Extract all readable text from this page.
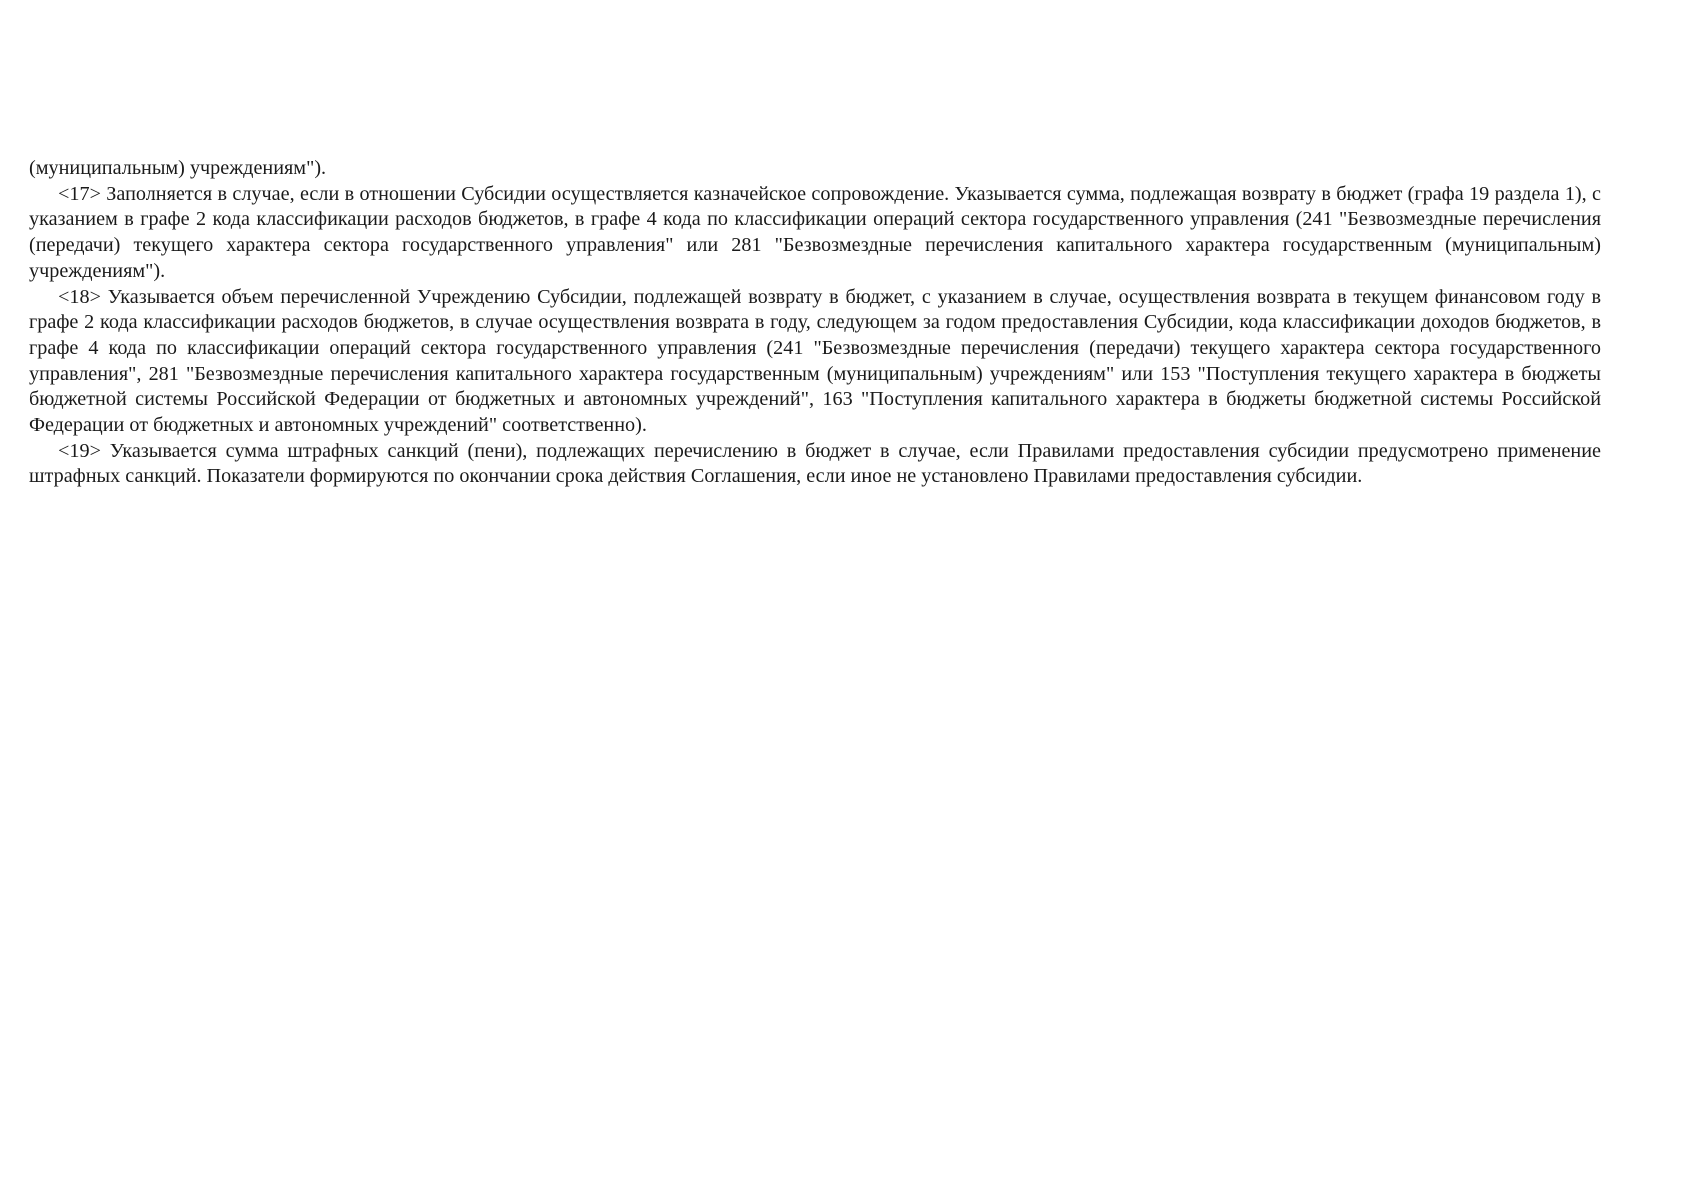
(муниципальным) учреждениям").

<17> Заполняется в случае, если в отношении Субсидии осуществляется казначейское сопровождение. Указывается сумма, подлежащая возврату в бюджет (графа 19 раздела 1), с указанием в графе 2 кода классификации расходов бюджетов, в графе 4 кода по классификации операций сектора государственного управления (241 "Безвозмездные перечисления (передачи) текущего характера сектора государственного управления" или 281 "Безвозмездные перечисления капитального характера государственным (муниципальным) учреждениям").

<18> Указывается объем перечисленной Учреждению Субсидии, подлежащей возврату в бюджет, с указанием в случае, осуществления возврата в текущем финансовом году в графе 2 кода классификации расходов бюджетов, в случае осуществления возврата в году, следующем за годом предоставления Субсидии, кода классификации доходов бюджетов, в графе 4 кода по классификации операций сектора государственного управления (241 "Безвозмездные перечисления (передачи) текущего характера сектора государственного управления", 281 "Безвозмездные перечисления капитального характера государственным (муниципальным) учреждениям" или 153 "Поступления текущего характера в бюджеты бюджетной системы Российской Федерации от бюджетных и автономных учреждений", 163 "Поступления капитального характера в бюджеты бюджетной системы Российской Федерации от бюджетных и автономных учреждений" соответственно).

<19> Указывается сумма штрафных санкций (пени), подлежащих перечислению в бюджет в случае, если Правилами предоставления субсидии предусмотрено применение штрафных санкций. Показатели формируются по окончании срока действия Соглашения, если иное не установлено Правилами предоставления субсидии.
